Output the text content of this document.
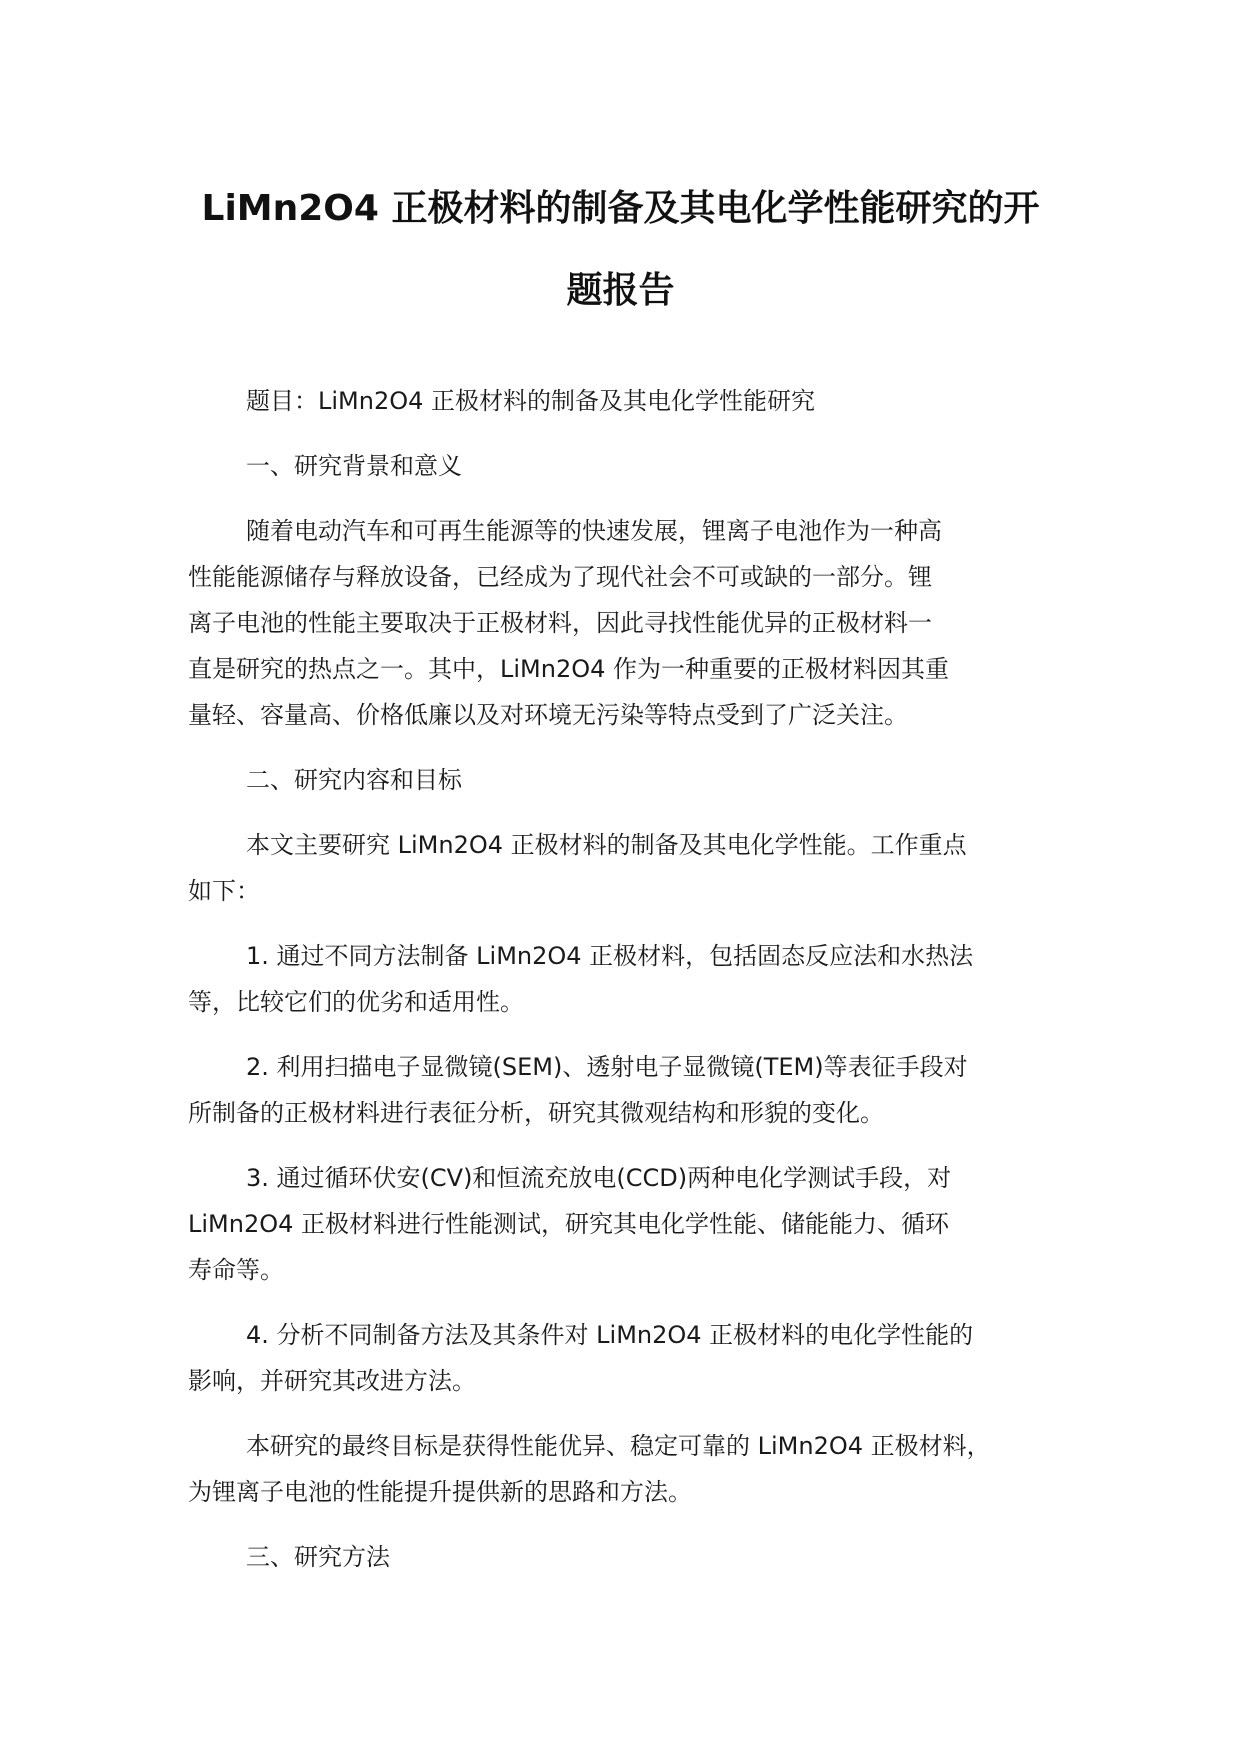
LiMn2O4 正极材料的制备及其电化学性能研究的开
题报告

题目：LiMn2O4 正极材料的制备及其电化学性能研究

一、研究背景和意义

随着电动汽车和可再生能源等的快速发展，锂离子电池作为一种高
性能能源储存与释放设备，已经成为了现代社会不可或缺的一部分。锂
离子电池的性能主要取决于正极材料，因此寻找性能优异的正极材料一
直是研究的热点之一。其中，LiMn2O4 作为一种重要的正极材料因其重
量轻、容量高、价格低廉以及对环境无污染等特点受到了广泛关注。

二、研究内容和目标

本文主要研究 LiMn2O4 正极材料的制备及其电化学性能。工作重点
如下：

1. 通过不同方法制备 LiMn2O4 正极材料，包括固态反应法和水热法
等，比较它们的优劣和适用性。

2. 利用扫描电子显微镜(SEM)、透射电子显微镜(TEM)等表征手段对
所制备的正极材料进行表征分析，研究其微观结构和形貌的变化。

3. 通过循环伏安(CV)和恒流充放电(CCD)两种电化学测试手段，对
LiMn2O4 正极材料进行性能测试，研究其电化学性能、储能能力、循环
寿命等。

4. 分析不同制备方法及其条件对 LiMn2O4 正极材料的电化学性能的
影响，并研究其改进方法。

本研究的最终目标是获得性能优异、稳定可靠的 LiMn2O4 正极材料，
为锂离子电池的性能提升提供新的思路和方法。

三、研究方法
